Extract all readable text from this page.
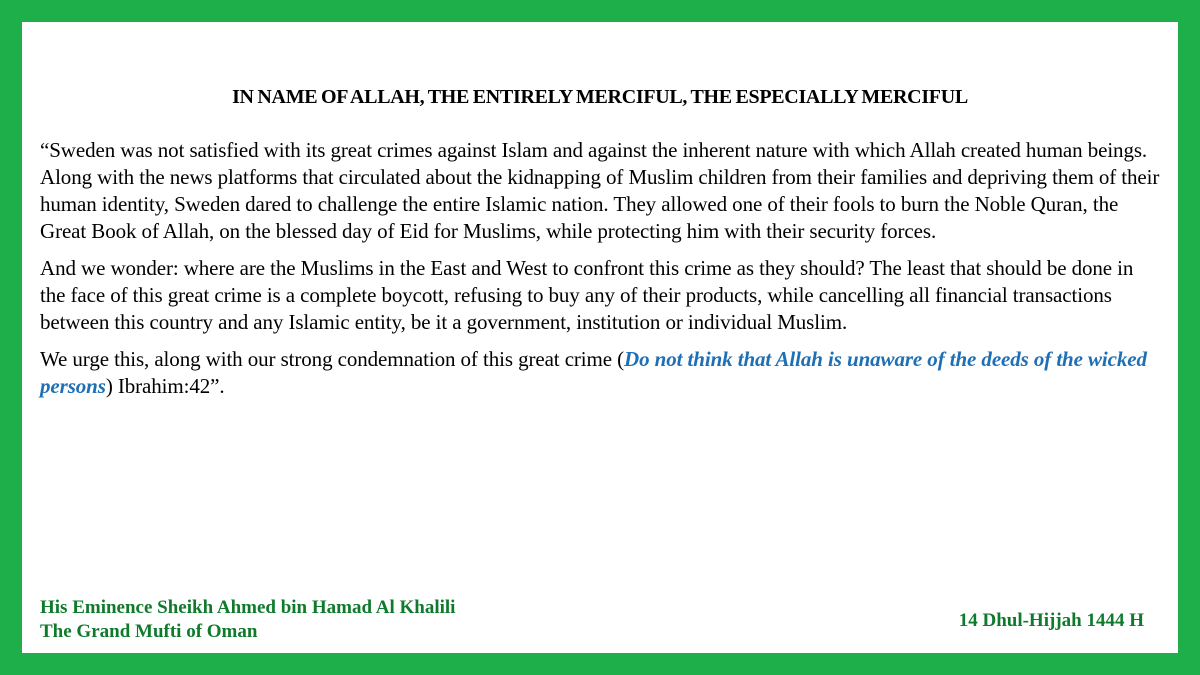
IN NAME OF ALLAH, THE ENTIRELY MERCIFUL, THE ESPECIALLY MERCIFUL

“Sweden was not satisfied with its great crimes against Islam and against the inherent nature with which Allah created human beings. Along with the news platforms that circulated about the kidnapping of Muslim children from their families and depriving them of their human identity, Sweden dared to challenge the entire Islamic nation. They allowed one of their fools to burn the Noble Quran, the Great Book of Allah, on the blessed day of Eid for Muslims, while protecting him with their security forces.

And we wonder: where are the Muslims in the East and West to confront this crime as they should? The least that should be done in the face of this great crime is a complete boycott, refusing to buy any of their products, while cancelling all financial transactions between this country and any Islamic entity, be it a government, institution or individual Muslim.

We urge this, along with our strong condemnation of this great crime (Do not think that Allah is unaware of the deeds of the wicked persons) Ibrahim:42”.

His Eminence Sheikh Ahmed bin Hamad Al Khalili
The Grand Mufti of Oman
14 Dhul-Hijjah 1444 H
